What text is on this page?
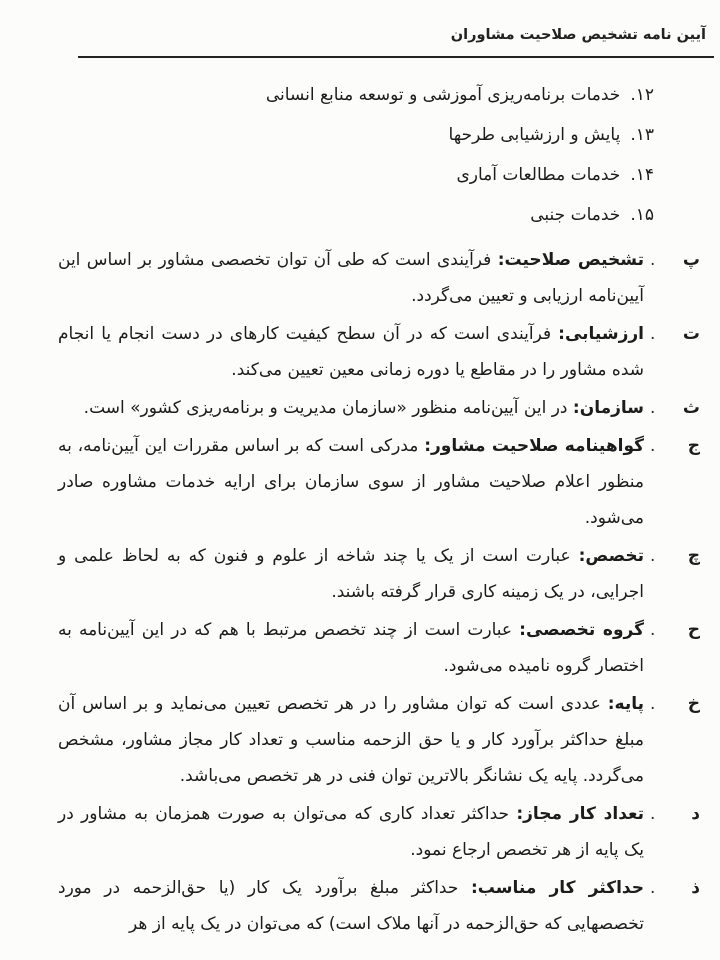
آیین نامه تشخیص صلاحیت مشاوران
۱۲.
خدمات برنامه‌ریزی آموزشی و توسعه منابع انسانی
۱۳.
پایش و ارزشیابی طرحها
۱۴.
خدمات مطالعات آماری
۱۵.
خدمات جنبی
پ
.

تشخیص صلاحیت: فرآیندی است که طی آن توان تخصصی مشاور بر اساس این آیین‌نامه ارزیابی و تعیین می‌گردد.

ت
.

ارزشیابی: فرآیندی است که در آن سطح کیفیت کارهای در دست انجام یا انجام شده مشاور را در مقاطع یا دوره زمانی معین تعیین می‌کند.

ث
.

سازمان: در این آیین‌نامه منظور «سازمان مدیریت و برنامه‌ریزی کشور» است.

ج
.

گواهینامه صلاحیت مشاور: مدرکی است که بر اساس مقررات این آیین‌نامه، به منظور اعلام صلاحیت مشاور از سوی سازمان برای ارایه خدمات مشاوره صادر می‌شود.

چ
.

تخصص: عبارت است از یک یا چند شاخه از علوم و فنون که به لحاظ علمی و اجرایی، در یک زمینه کاری قرار گرفته باشند.

ح
.

گروه تخصصی: عبارت است از چند تخصص مرتبط با هم که در این آیین‌نامه به اختصار گروه نامیده می‌شود.

خ
.

پایه: عددی است که توان مشاور را در هر تخصص تعیین می‌نماید و بر اساس آن مبلغ حداکثر برآورد کار و یا حق الزحمه مناسب و تعداد کار مجاز مشاور، مشخص می‌گردد. پایه یک نشانگر بالاترین توان فنی در هر تخصص می‌باشد.

د
.

تعداد کار مجاز: حداکثر تعداد کاری که می‌توان به صورت همزمان به مشاور در یک پایه از هر تخصص ارجاع نمود.

ذ
.

حداکثر کار مناسب: حداکثر مبلغ برآورد یک کار (یا حق‌الزحمه در مورد تخصصهایی که حق‌الزحمه در آنها ملاک است) که می‌توان در یک پایه از هر
